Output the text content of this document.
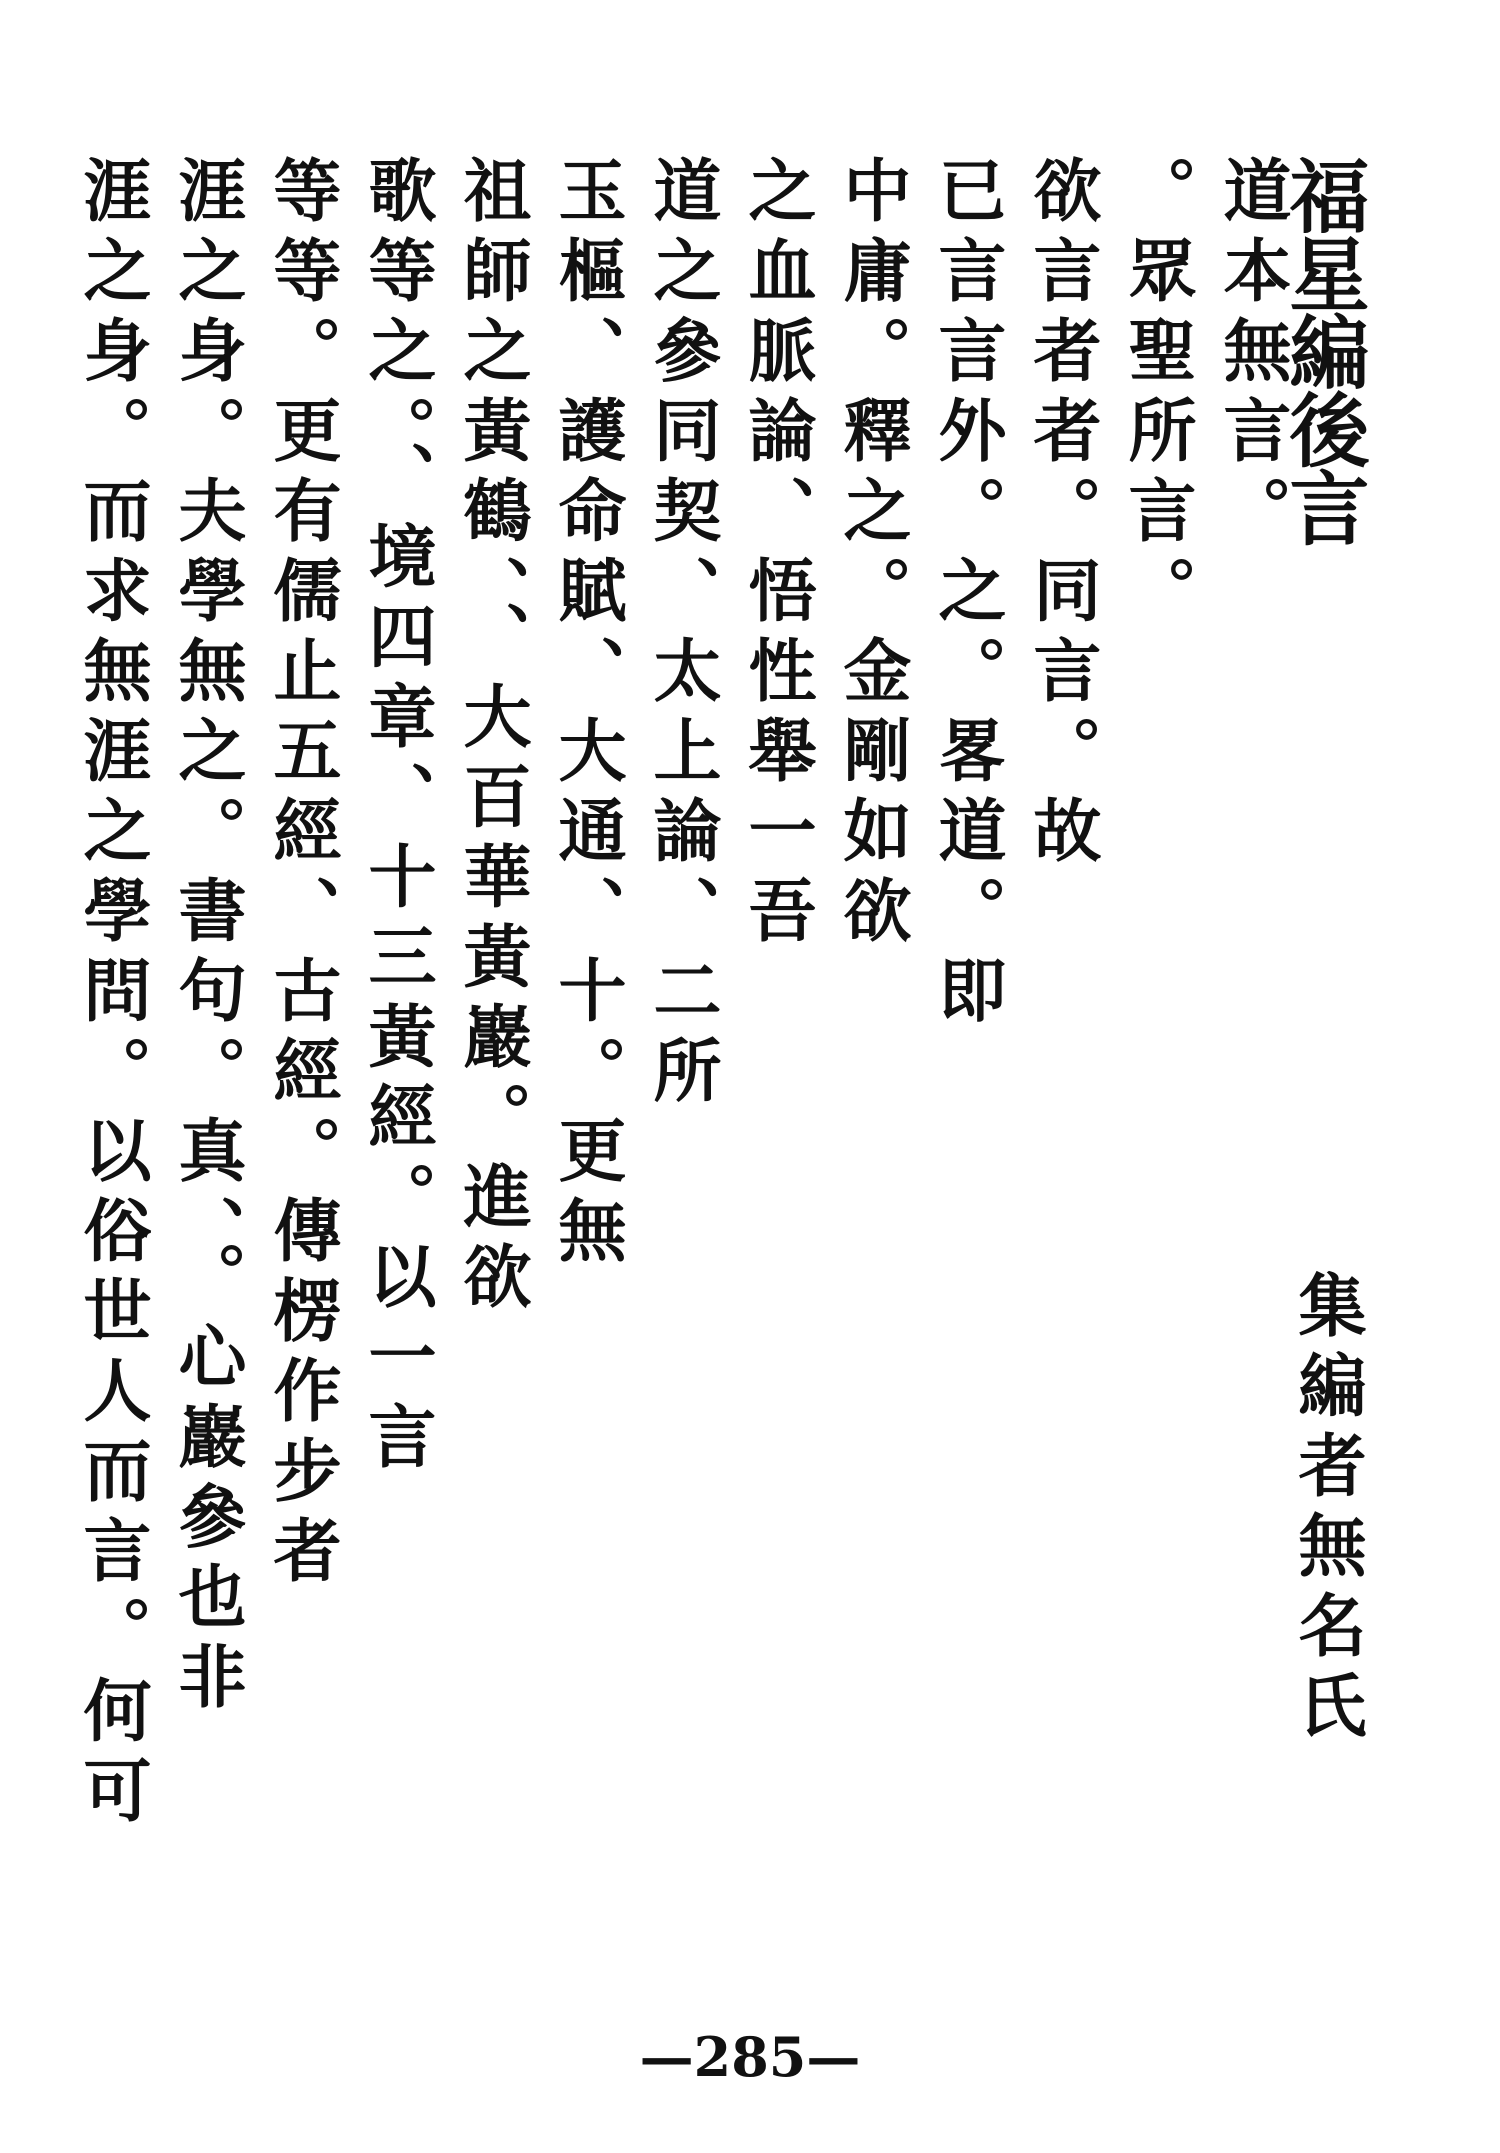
福星編後言
道本無言。
。眾聖所言。
欲言者者。同言。故
已言言外。之。畧道。即
中庸。釋之。金剛如欲
之血脈論、悟性舉一吾
道之參同契、太上論、二所
玉樞、護命賦、大通、十。更無
祖師之黃鶴、、大百華黃巖。進欲
歌等之。、境四章、十三黃經。以一言
等等。更有儒止五經、古經。傳楞作步者
涯之身。夫學無之。書句。真、。心巖參也非
涯之身。而求無涯之學問。以俗世人而言。何可	集編者無名氏
—285—
